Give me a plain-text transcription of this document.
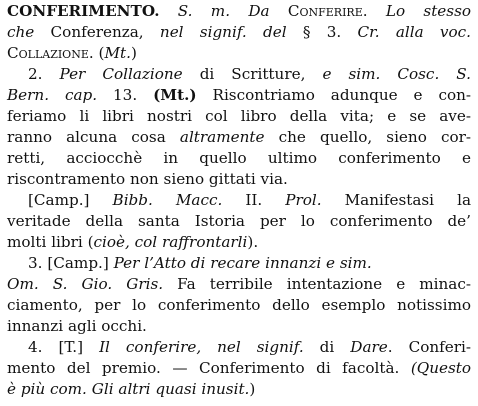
CONFERIMENTO. S. m. Da Conferire. Lo stesso
che Conferenza, nel signif. del § 3. Cr. alla voc.
Collazione. (Mt.)
2. Per Collazione di Scritture, e sim. Cosc. S.
Bern. cap. 13. (Mt.) Riscontriamo adunque e con-
feriamo li libri nostri col libro della vita; e se ave-
ranno alcuna cosa altramente che quello, sieno cor-
retti, acciocchè in quello ultimo conferimento e
riscontramento non sieno gittati via.
[Camp.] Bibb. Macc. II. Prol. Manifestasi la
veritade della santa Istoria per lo conferimento de’
molti libri (cioè, col raffrontarli).
3. [Camp.] Per l’Atto di recare innanzi e sim.
Om. S. Gio. Gris. Fa terribile intentazione e minac-
ciamento, per lo conferimento dello esemplo notissimo
innanzi agli occhi.
4. [T.] Il conferire, nel signif. di Dare. Conferi-
mento del premio. — Conferimento di facoltà. (Questo
è più com. Gli altri quasi inusit.)
